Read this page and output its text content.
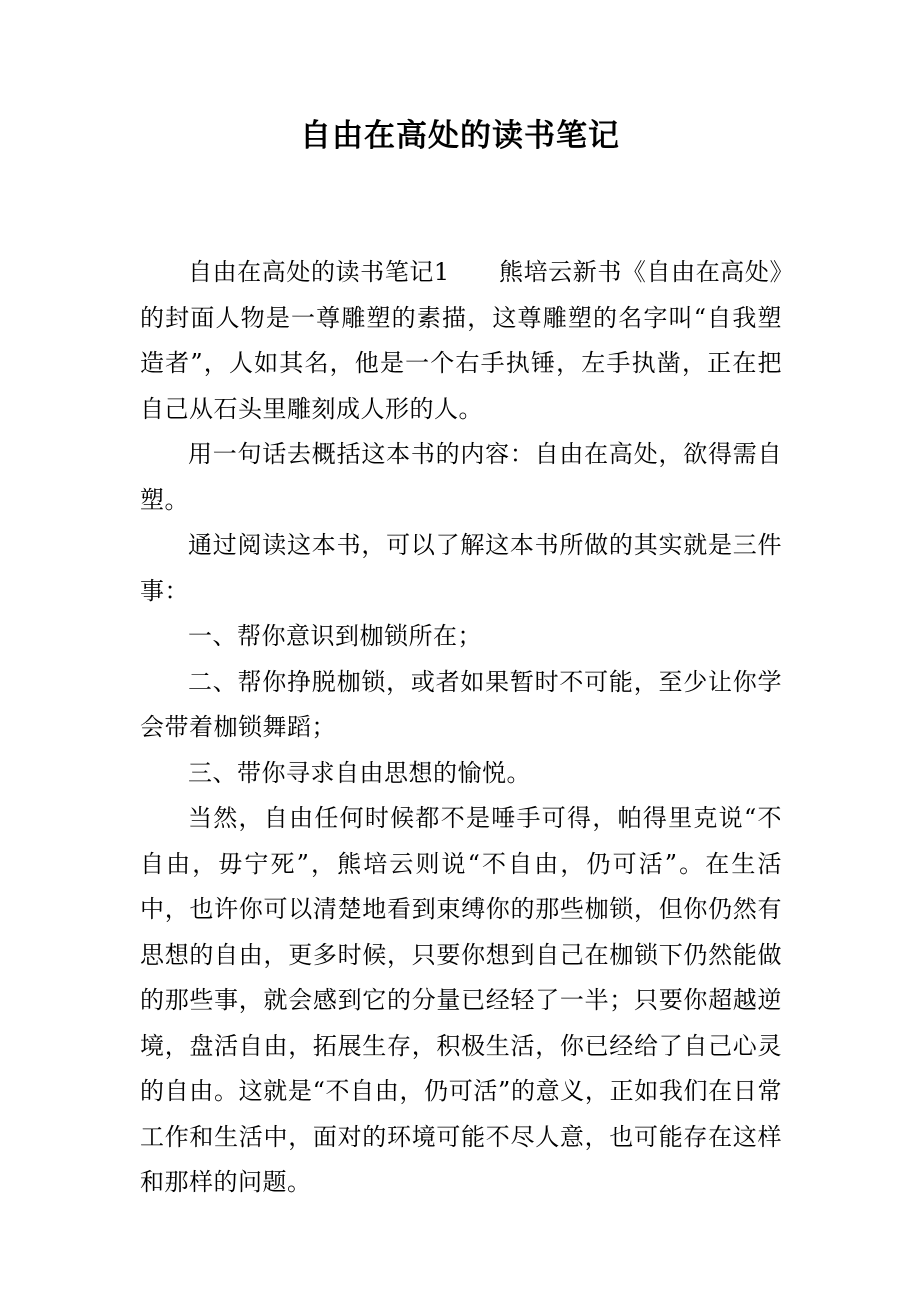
自由在高处的读书笔记

自由在高处的读书笔记1　　熊培云新书《自由在高处》的封面人物是一尊雕塑的素描，这尊雕塑的名字叫“自我塑造者”，人如其名，他是一个右手执锤，左手执凿，正在把自己从石头里雕刻成人形的人。

用一句话去概括这本书的内容：自由在高处，欲得需自塑。

通过阅读这本书，可以了解这本书所做的其实就是三件事：

一、帮你意识到枷锁所在；

二、帮你挣脱枷锁，或者如果暂时不可能，至少让你学会带着枷锁舞蹈；

三、带你寻求自由思想的愉悦。

当然，自由任何时候都不是唾手可得，帕得里克说“不自由，毋宁死”，熊培云则说“不自由，仍可活”。在生活中，也许你可以清楚地看到束缚你的那些枷锁，但你仍然有思想的自由，更多时候，只要你想到自己在枷锁下仍然能做的那些事，就会感到它的分量已经轻了一半；只要你超越逆境，盘活自由，拓展生存，积极生活，你已经给了自己心灵的自由。这就是“不自由，仍可活”的意义，正如我们在日常工作和生活中，面对的环境可能不尽人意，也可能存在这样和那样的问题。
